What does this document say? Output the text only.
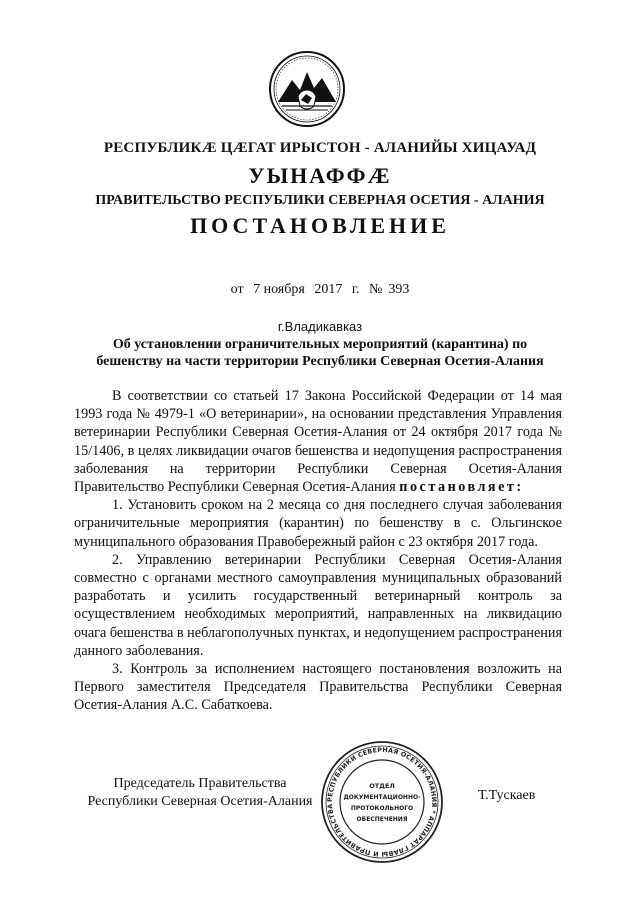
РЕСПУБЛИКÆ ЦÆГАТ ИРЫСТОН - АЛАНИЙЫ ХИЦАУАД
УЫНАФФÆ
ПРАВИТЕЛЬСТВО РЕСПУБЛИКИ СЕВЕРНАЯ ОСЕТИЯ - АЛАНИЯ
ПОСТАНОВЛЕНИЕ
от 7 ноября 2017 г. № 393
г.Владикавказ
Об установлении ограничительных мероприятий (карантина) по бешенству на части территории Республики Северная Осетия-Алания

В соответствии со статьей 17 Закона Российской Федерации от 14 мая 1993 года № 4979-1 «О ветеринарии», на основании представления Управления ветеринарии Республики Северная Осетия-Алания от 24 октября 2017 года № 15/1406, в целях ликвидации очагов бешенства и недопущения распространения заболевания на территории Республики Северная Осетия-Алания Правительство Республики Северная Осетия-Алания постановляет:

1. Установить сроком на 2 месяца со дня последнего случая заболевания ограничительные мероприятия (карантин) по бешенству в с. Ольгинское муниципального образования Правобережный район с 23 октября 2017 года.

2. Управлению ветеринарии Республики Северная Осетия-Алания совместно с органами местного самоуправления муниципальных образований разработать и усилить государственный ветеринарный контроль за осуществлением необходимых мероприятий, направленных на ликвидацию очага бешенства в неблагополучных пунктах, и недопущением распространения данного заболевания.

3. Контроль за исполнением настоящего постановления возложить на Первого заместителя Председателя Правительства Республики Северная Осетия-Алания А.С. Сабаткоева.

Председатель Правительства
Республики Северная Осетия-Алания	РЕСПУБЛИКИ СЕВЕРНАЯ ОСЕТИЯ-АЛАНИЯ * АППАРАТ ГЛАВЫ И ПРАВИТЕЛЬСТВА
ОТДЕЛ
ДОКУМЕНТАЦИОННО-
ПРОТОКОЛЬНОГО
ОБЕСПЕЧЕНИЯ
Т.Тускаев
